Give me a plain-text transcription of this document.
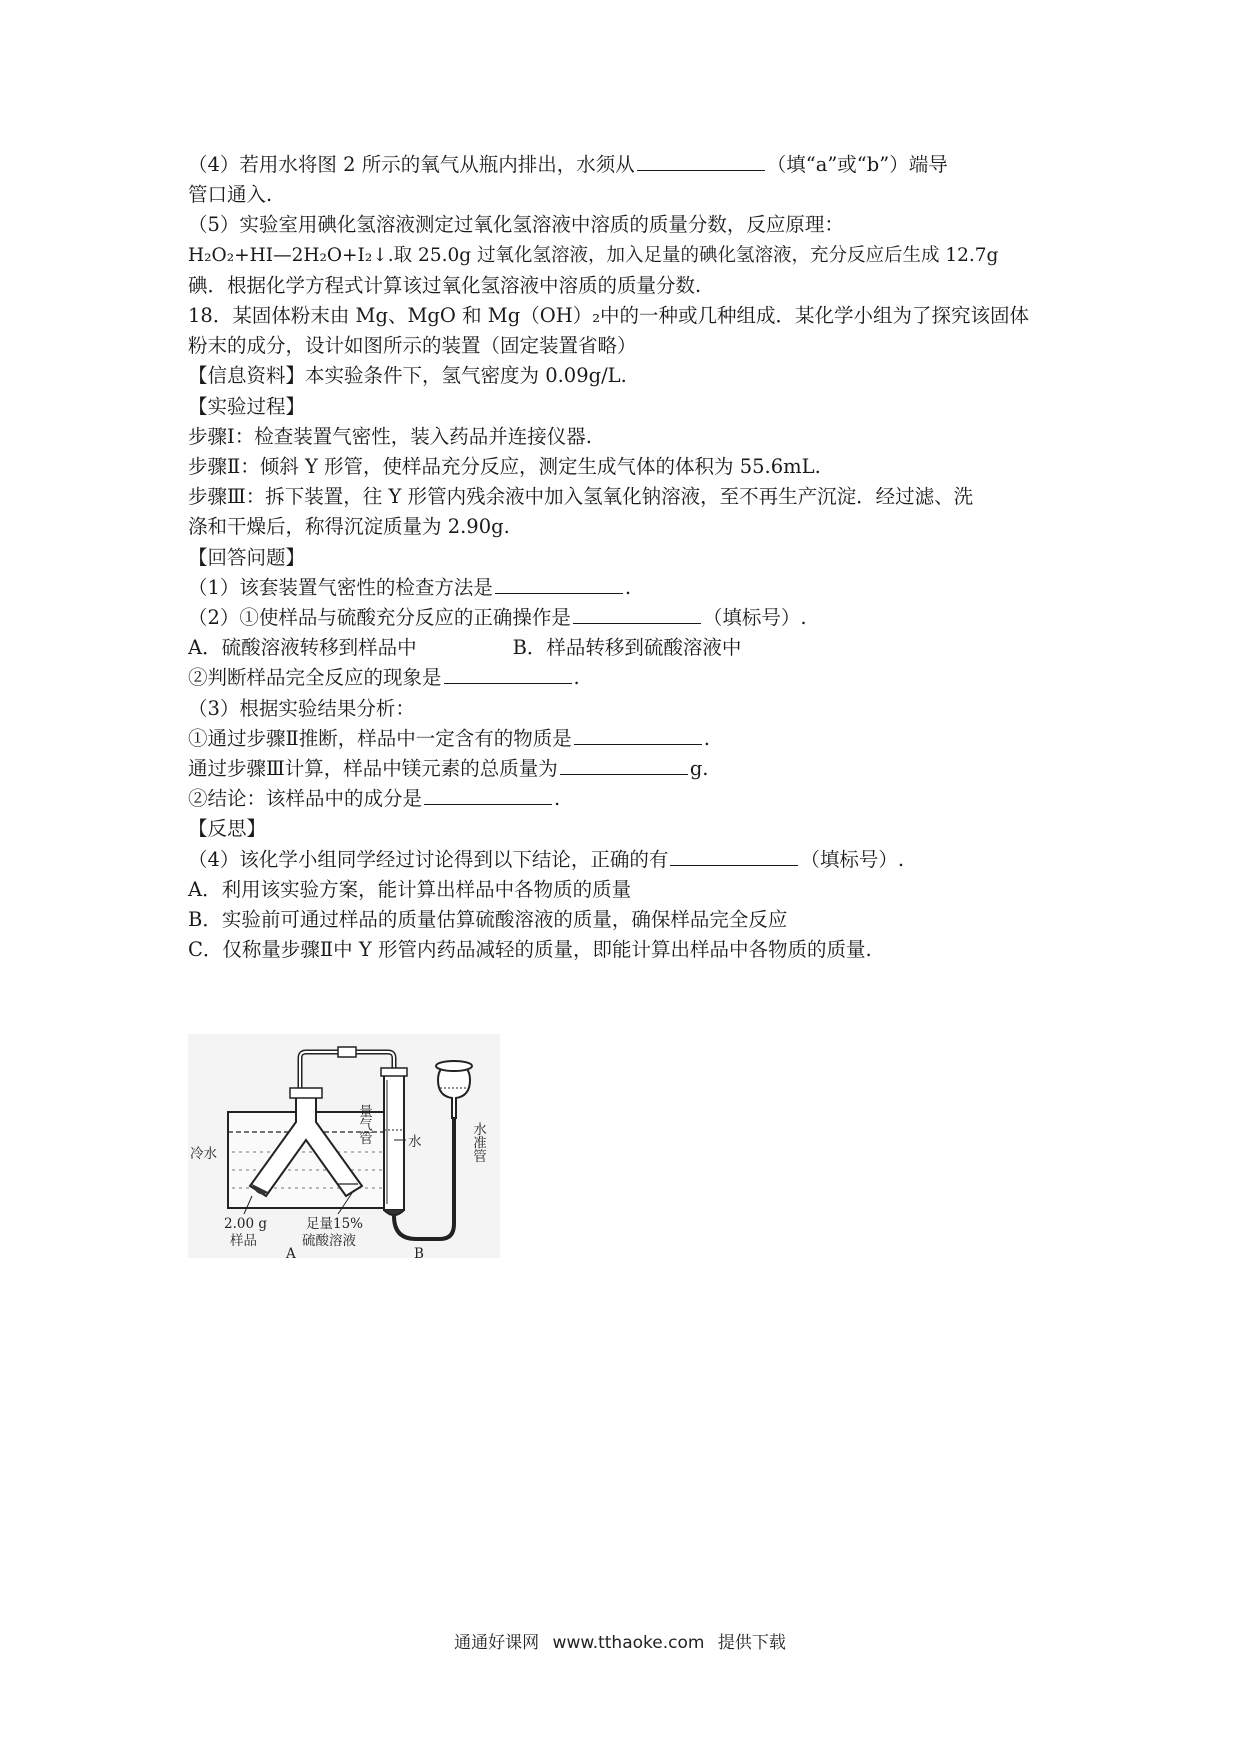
（4）若用水将图 2 所示的氧气从瓶内排出，水须从	（填“a”或“b”）端导
管口通入.
（5）实验室用碘化氢溶液测定过氧化氢溶液中溶质的质量分数，反应原理：
H₂O₂+HI—2H₂O+I₂↓.取 25.0g 过氧化氢溶液，加入足量的碘化氢溶液，充分反应后生成 12.7g
碘．根据化学方程式计算该过氧化氢溶液中溶质的质量分数.
18．某固体粉末由 Mg、MgO 和 Mg（OH）₂中的一种或几种组成．某化学小组为了探究该固体
粉末的成分，设计如图所示的装置（固定装置省略）
【信息资料】本实验条件下，氢气密度为 0.09g/L.
【实验过程】
步骤Ⅰ：检查装置气密性，装入药品并连接仪器.
步骤Ⅱ：倾斜 Y 形管，使样品充分反应，测定生成气体的体积为 55.6mL.
步骤Ⅲ：拆下装置，往 Y 形管内残余液中加入氢氧化钠溶液，至不再生产沉淀．经过滤、洗
涤和干燥后，称得沉淀质量为 2.90g.
【回答问题】
（1）该套装置气密性的检查方法是	.
（2）①使样品与硫酸充分反应的正确操作是	（填标号）.
A．硫酸溶液转移到样品中	B．样品转移到硫酸溶液中
②判断样品完全反应的现象是	.
（3）根据实验结果分析：
①通过步骤Ⅱ推断，样品中一定含有的物质是	.
通过步骤Ⅲ计算，样品中镁元素的总质量为	g.
②结论：该样品中的成分是	.
【反思】
（4）该化学小组同学经过讨论得到以下结论，正确的有	（填标号）.
A．利用该实验方案，能计算出样品中各物质的质量
B．实验前可通过样品的质量估算硫酸溶液的质量，确保样品完全反应
C．仅称量步骤Ⅱ中 Y 形管内药品减轻的质量，即能计算出样品中各物质的质量.
冷水
2.00 g
样品
足量15%
硫酸溶液
量气管	水	水准管
A	B
通通好课网 www.tthaoke.com 提供下载
